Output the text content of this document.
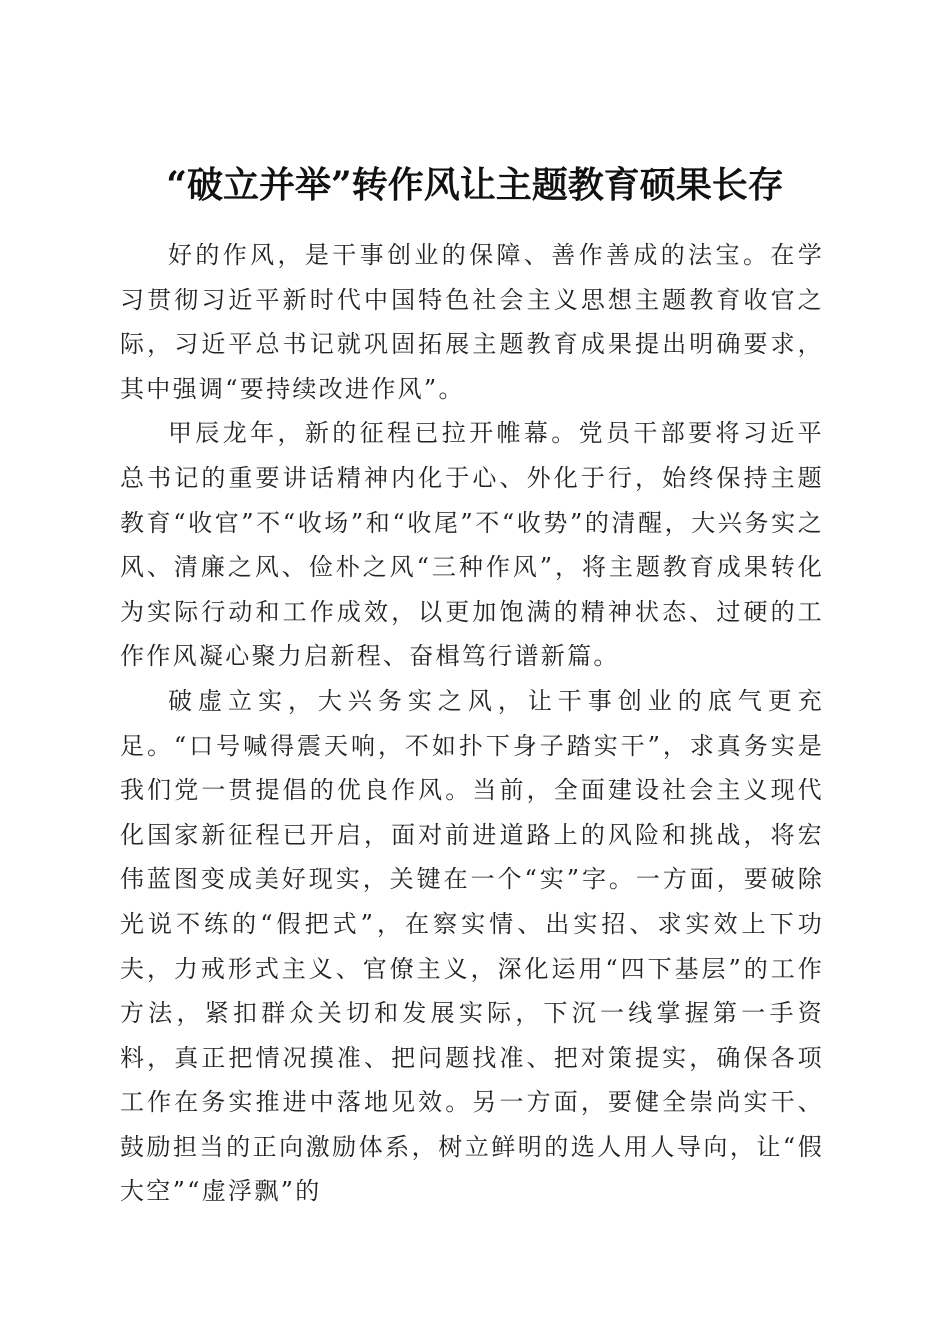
“破立并举”转作风让主题教育硕果长存

好的作风，是干事创业的保障、善作善成的法宝。在学习贯彻习近平新时代中国特色社会主义思想主题教育收官之际，习近平总书记就巩固拓展主题教育成果提出明确要求，其中强调“要持续改进作风”。

甲辰龙年，新的征程已拉开帷幕。党员干部要将习近平总书记的重要讲话精神内化于心、外化于行，始终保持主题教育“收官”不“收场”和“收尾”不“收势”的清醒，大兴务实之风、清廉之风、俭朴之风“三种作风”，将主题教育成果转化为实际行动和工作成效，以更加饱满的精神状态、过硬的工作作风凝心聚力启新程、奋楫笃行谱新篇。

破虚立实，大兴务实之风，让干事创业的底气更充足。“口号喊得震天响，不如扑下身子踏实干”，求真务实是我们党一贯提倡的优良作风。当前，全面建设社会主义现代化国家新征程已开启，面对前进道路上的风险和挑战，将宏伟蓝图变成美好现实，关键在一个“实”字。一方面，要破除光说不练的“假把式”，在察实情、出实招、求实效上下功夫，力戒形式主义、官僚主义，深化运用“四下基层”的工作方法，紧扣群众关切和发展实际，下沉一线掌握第一手资料，真正把情况摸准、把问题找准、把对策提实，确保各项工作在务实推进中落地见效。另一方面，要健全崇尚实干、鼓励担当的正向激励体系，树立鲜明的选人用人导向，让“假大空”“虚浮飘”的
